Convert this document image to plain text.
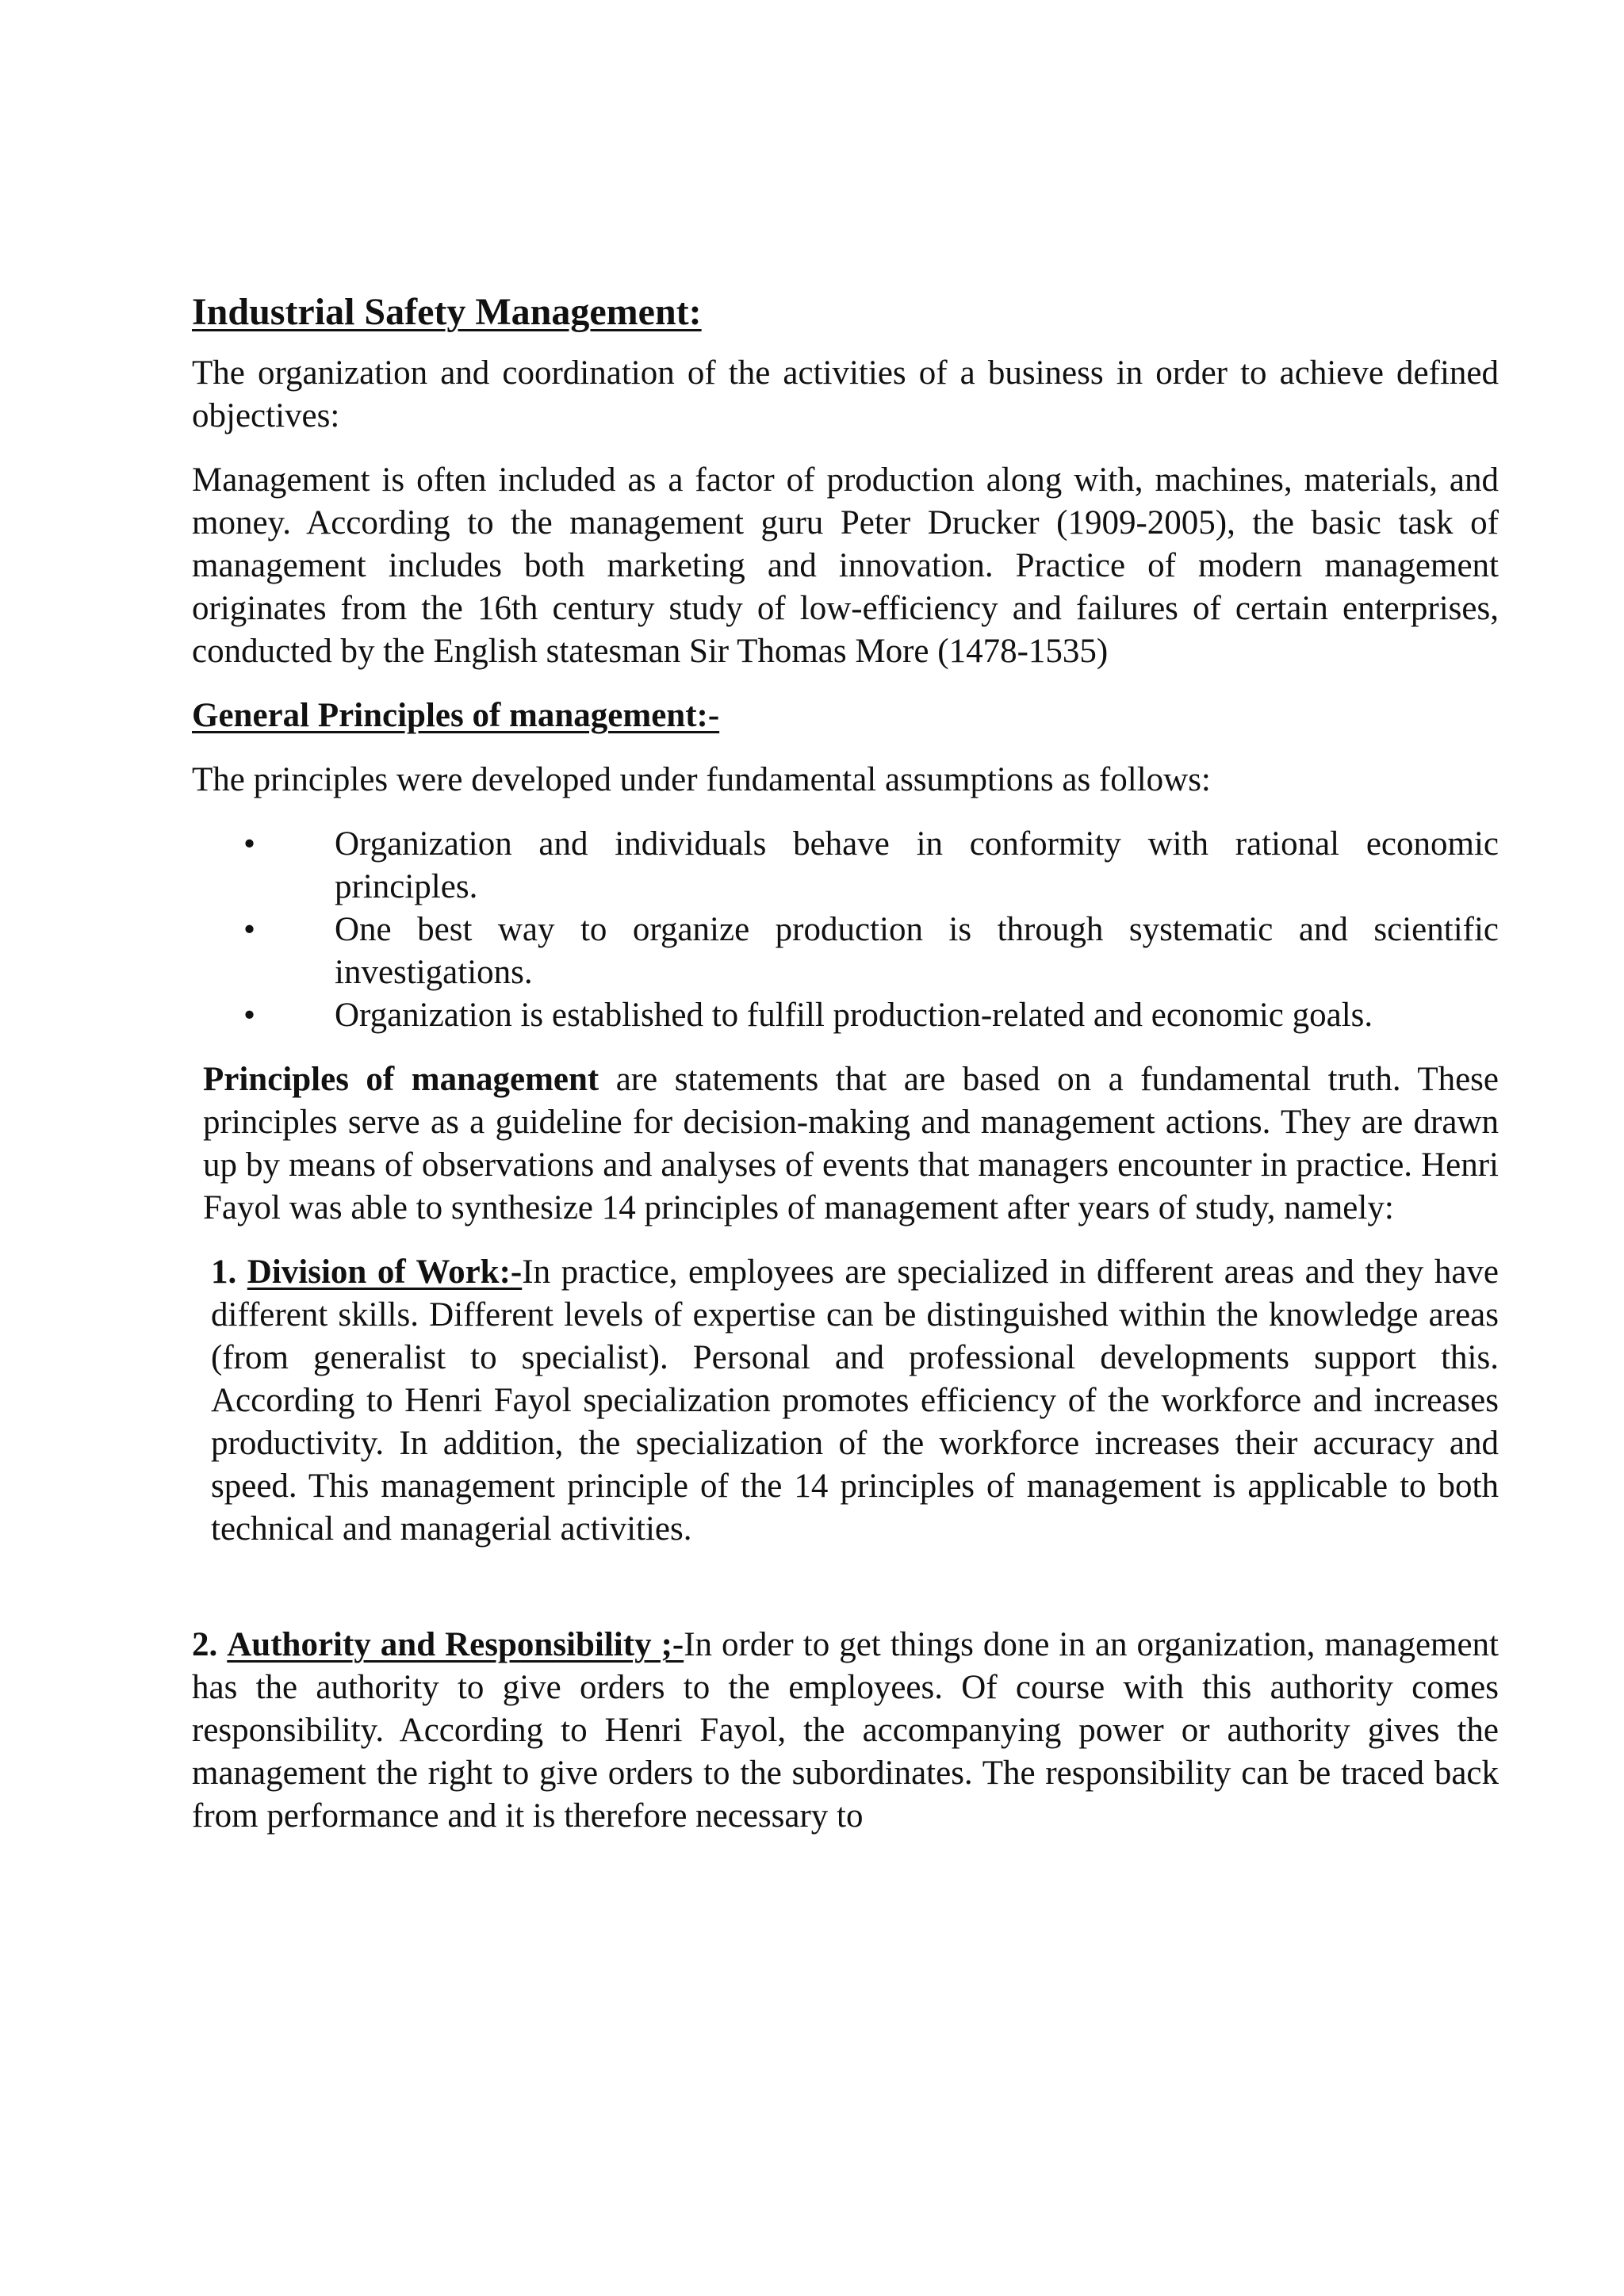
Industrial Safety Management:

The organization and coordination of the activities of a business in order to achieve defined objectives:

Management is often included as a factor of production along with, machines, materials, and money. According to the management guru Peter Drucker (1909-2005), the basic task of management includes both marketing and innovation. Practice of modern management originates from the 16th century study of low-efficiency and failures of certain enterprises, conducted by the English statesman Sir Thomas More (1478-1535)

General Principles of management:-

The principles were developed under fundamental assumptions as follows:

•	Organization and individuals behave in conformity with rational economic principles.
•	One best way to organize production is through systematic and scientific investigations.
•	Organization is established to fulfill production-related and economic goals.

Principles of management are statements that are based on a fundamental truth. These principles serve as a guideline for decision-making and management actions. They are drawn up by means of observations and analyses of events that managers encounter in practice. Henri Fayol was able to synthesize 14 principles of management after years of study, namely:

1. Division of Work:-In practice, employees are specialized in different areas and they have different skills. Different levels of expertise can be distinguished within the knowledge areas (from generalist to specialist). Personal and professional developments support this. According to Henri Fayol specialization promotes efficiency of the workforce and increases productivity. In addition, the specialization of the workforce increases their accuracy and speed. This management principle of the 14 principles of management is applicable to both technical and managerial activities.

2. Authority and Responsibility ;-In order to get things done in an organization, management has the authority to give orders to the employees. Of course with this authority comes responsibility. According to Henri Fayol, the accompanying power or authority gives the management the right to give orders to the subordinates. The responsibility can be traced back from performance and it is therefore necessary to
